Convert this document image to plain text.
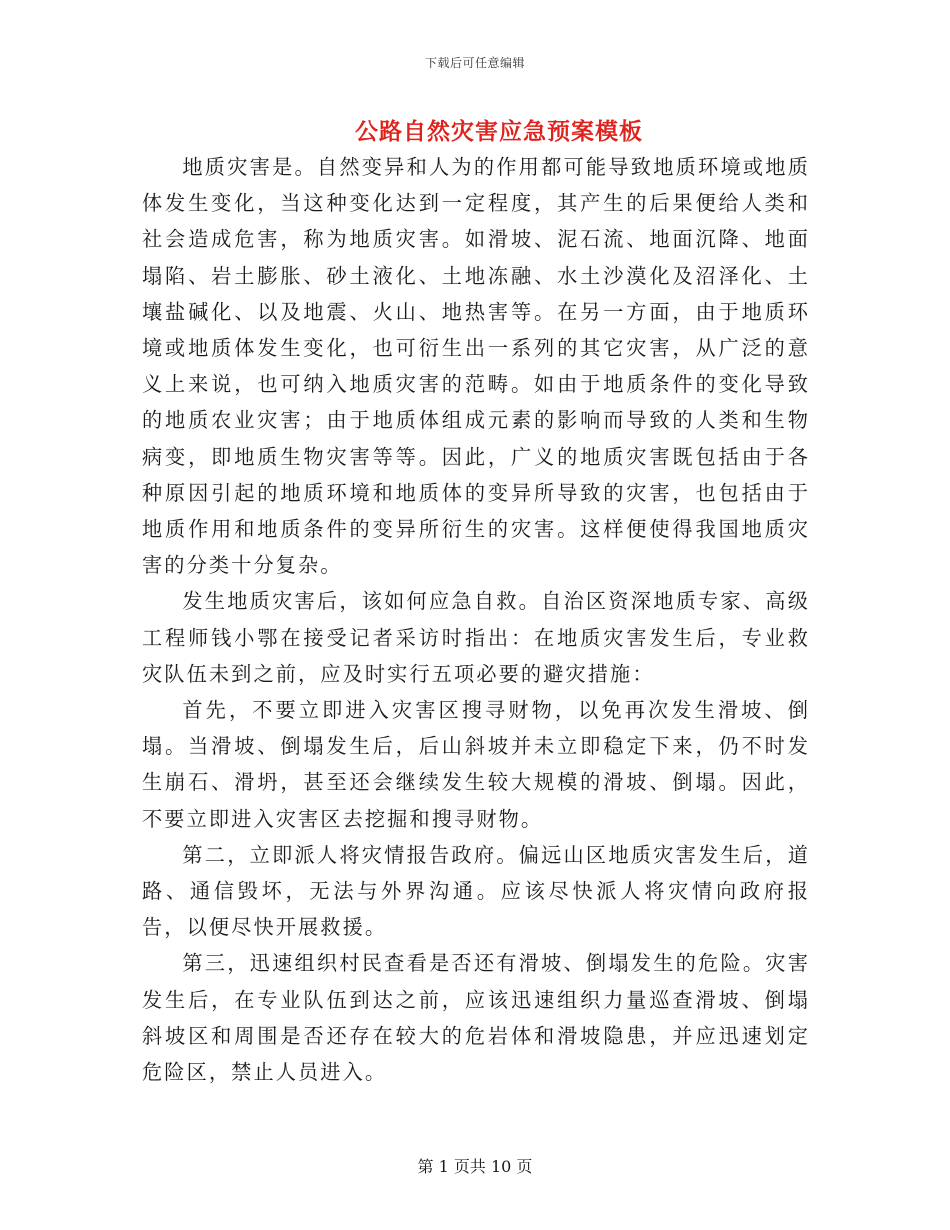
下载后可任意编辑
公路自然灾害应急预案模板

地质灾害是。自然变异和人为的作用都可能导致地质环境或地质体发生变化，当这种变化达到一定程度，其产生的后果便给人类和社会造成危害，称为地质灾害。如滑坡、泥石流、地面沉降、地面塌陷、岩土膨胀、砂土液化、土地冻融、水土沙漠化及沼泽化、土壤盐碱化、以及地震、火山、地热害等。在另一方面，由于地质环境或地质体发生变化，也可衍生出一系列的其它灾害，从广泛的意义上来说，也可纳入地质灾害的范畴。如由于地质条件的变化导致的地质农业灾害；由于地质体组成元素的影响而导致的人类和生物病变，即地质生物灾害等等。因此，广义的地质灾害既包括由于各种原因引起的地质环境和地质体的变异所导致的灾害，也包括由于地质作用和地质条件的变异所衍生的灾害。这样便使得我国地质灾害的分类十分复杂。

发生地质灾害后，该如何应急自救。自治区资深地质专家、高级工程师钱小鄂在接受记者采访时指出：在地质灾害发生后，专业救灾队伍未到之前，应及时实行五项必要的避灾措施：

首先，不要立即进入灾害区搜寻财物，以免再次发生滑坡、倒塌。当滑坡、倒塌发生后，后山斜坡并未立即稳定下来，仍不时发生崩石、滑坍，甚至还会继续发生较大规模的滑坡、倒塌。因此，不要立即进入灾害区去挖掘和搜寻财物。

第二，立即派人将灾情报告政府。偏远山区地质灾害发生后，道路、通信毁坏，无法与外界沟通。应该尽快派人将灾情向政府报告，以便尽快开展救援。

第三，迅速组织村民查看是否还有滑坡、倒塌发生的危险。灾害发生后，在专业队伍到达之前，应该迅速组织力量巡查滑坡、倒塌斜坡区和周围是否还存在较大的危岩体和滑坡隐患，并应迅速划定危险区，禁止人员进入。

第 1 页共 10 页
